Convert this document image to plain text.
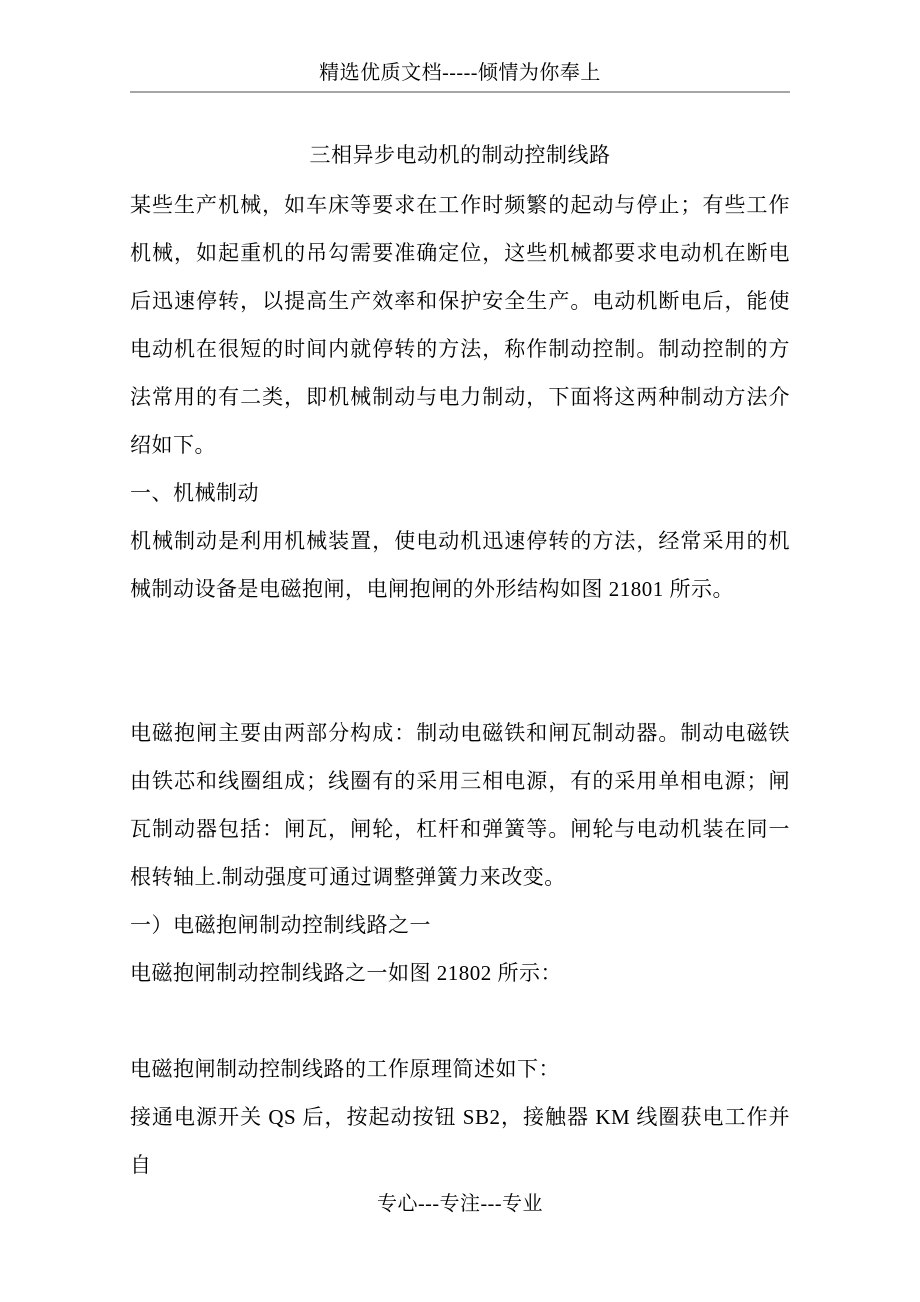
精选优质文档-----倾情为你奉上
三相异步电动机的制动控制线路
某些生产机械，如车床等要求在工作时频繁的起动与停止；有些工作
机械，如起重机的吊勾需要准确定位，这些机械都要求电动机在断电
后迅速停转，以提高生产效率和保护安全生产。电动机断电后，能使
电动机在很短的时间内就停转的方法，称作制动控制。制动控制的方
法常用的有二类，即机械制动与电力制动，下面将这两种制动方法介
绍如下。
一、机械制动
机械制动是利用机械装置，使电动机迅速停转的方法，经常采用的机
械制动设备是电磁抱闸，电闸抱闸的外形结构如图 21801 所示。

电磁抱闸主要由两部分构成：制动电磁铁和闸瓦制动器。制动电磁铁
由铁芯和线圈组成；线圈有的采用三相电源，有的采用单相电源；闸
瓦制动器包括：闸瓦，闸轮，杠杆和弹簧等。闸轮与电动机装在同一
根转轴上.制动强度可通过调整弹簧力来改变。
一）电磁抱闸制动控制线路之一
电磁抱闸制动控制线路之一如图 21802 所示：

电磁抱闸制动控制线路的工作原理简述如下：
接通电源开关 QS 后，按起动按钮 SB2，接触器 KM 线圈获电工作并自
专心---专注---专业
